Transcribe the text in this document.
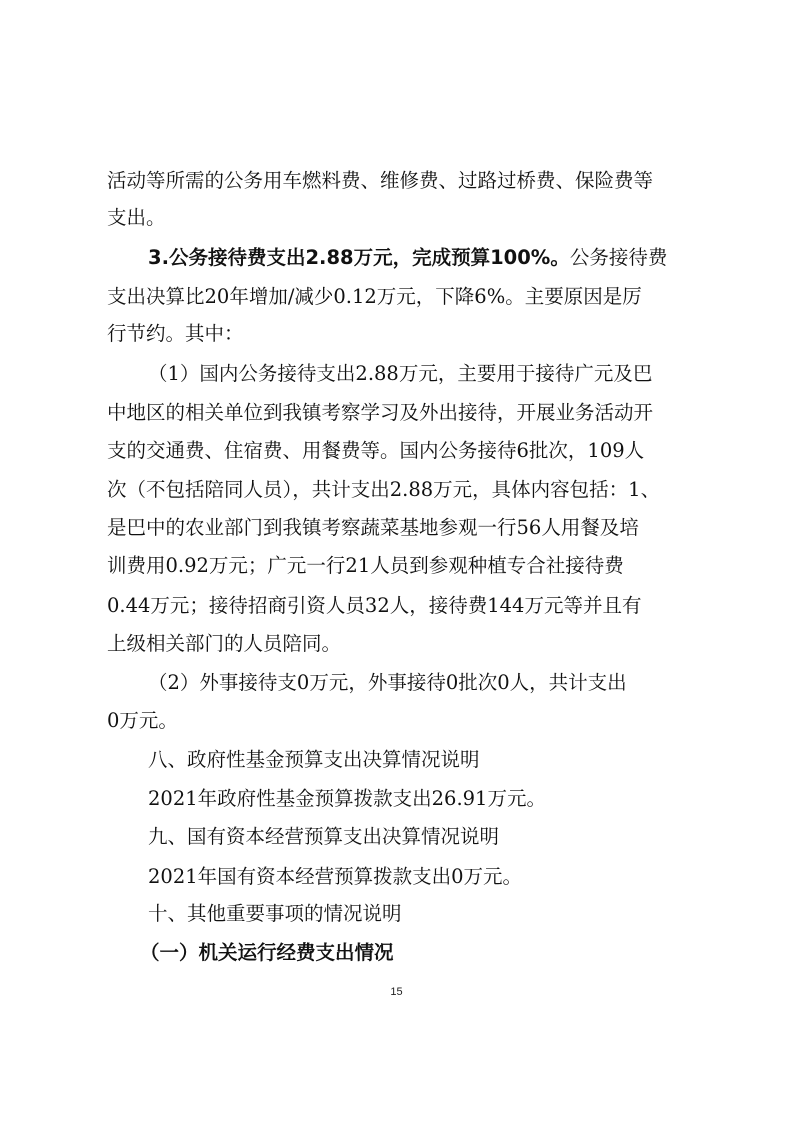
活动等所需的公务用车燃料费、维修费、过路过桥费、保险费等
支出。
3.公务接待费支出2.88万元，完成预算100%。公务接待费
支出决算比20年增加/减少0.12万元，下降6%。主要原因是厉
行节约。其中：
（1）国内公务接待支出2.88万元，主要用于接待广元及巴
中地区的相关单位到我镇考察学习及外出接待，开展业务活动开
支的交通费、住宿费、用餐费等。国内公务接待6批次，109人
次（不包括陪同人员），共计支出2.88万元，具体内容包括：1、
是巴中的农业部门到我镇考察蔬菜基地参观一行56人用餐及培
训费用0.92万元；广元一行21人员到参观种植专合社接待费
0.44万元；接待招商引资人员32人，接待费144万元等并且有
上级相关部门的人员陪同。
（2）外事接待支0万元，外事接待0批次0人，共计支出
0万元。
八、政府性基金预算支出决算情况说明
2021年政府性基金预算拨款支出26.91万元。
九、国有资本经营预算支出决算情况说明
2021年国有资本经营预算拨款支出0万元。
十、其他重要事项的情况说明
（一）机关运行经费支出情况
15
